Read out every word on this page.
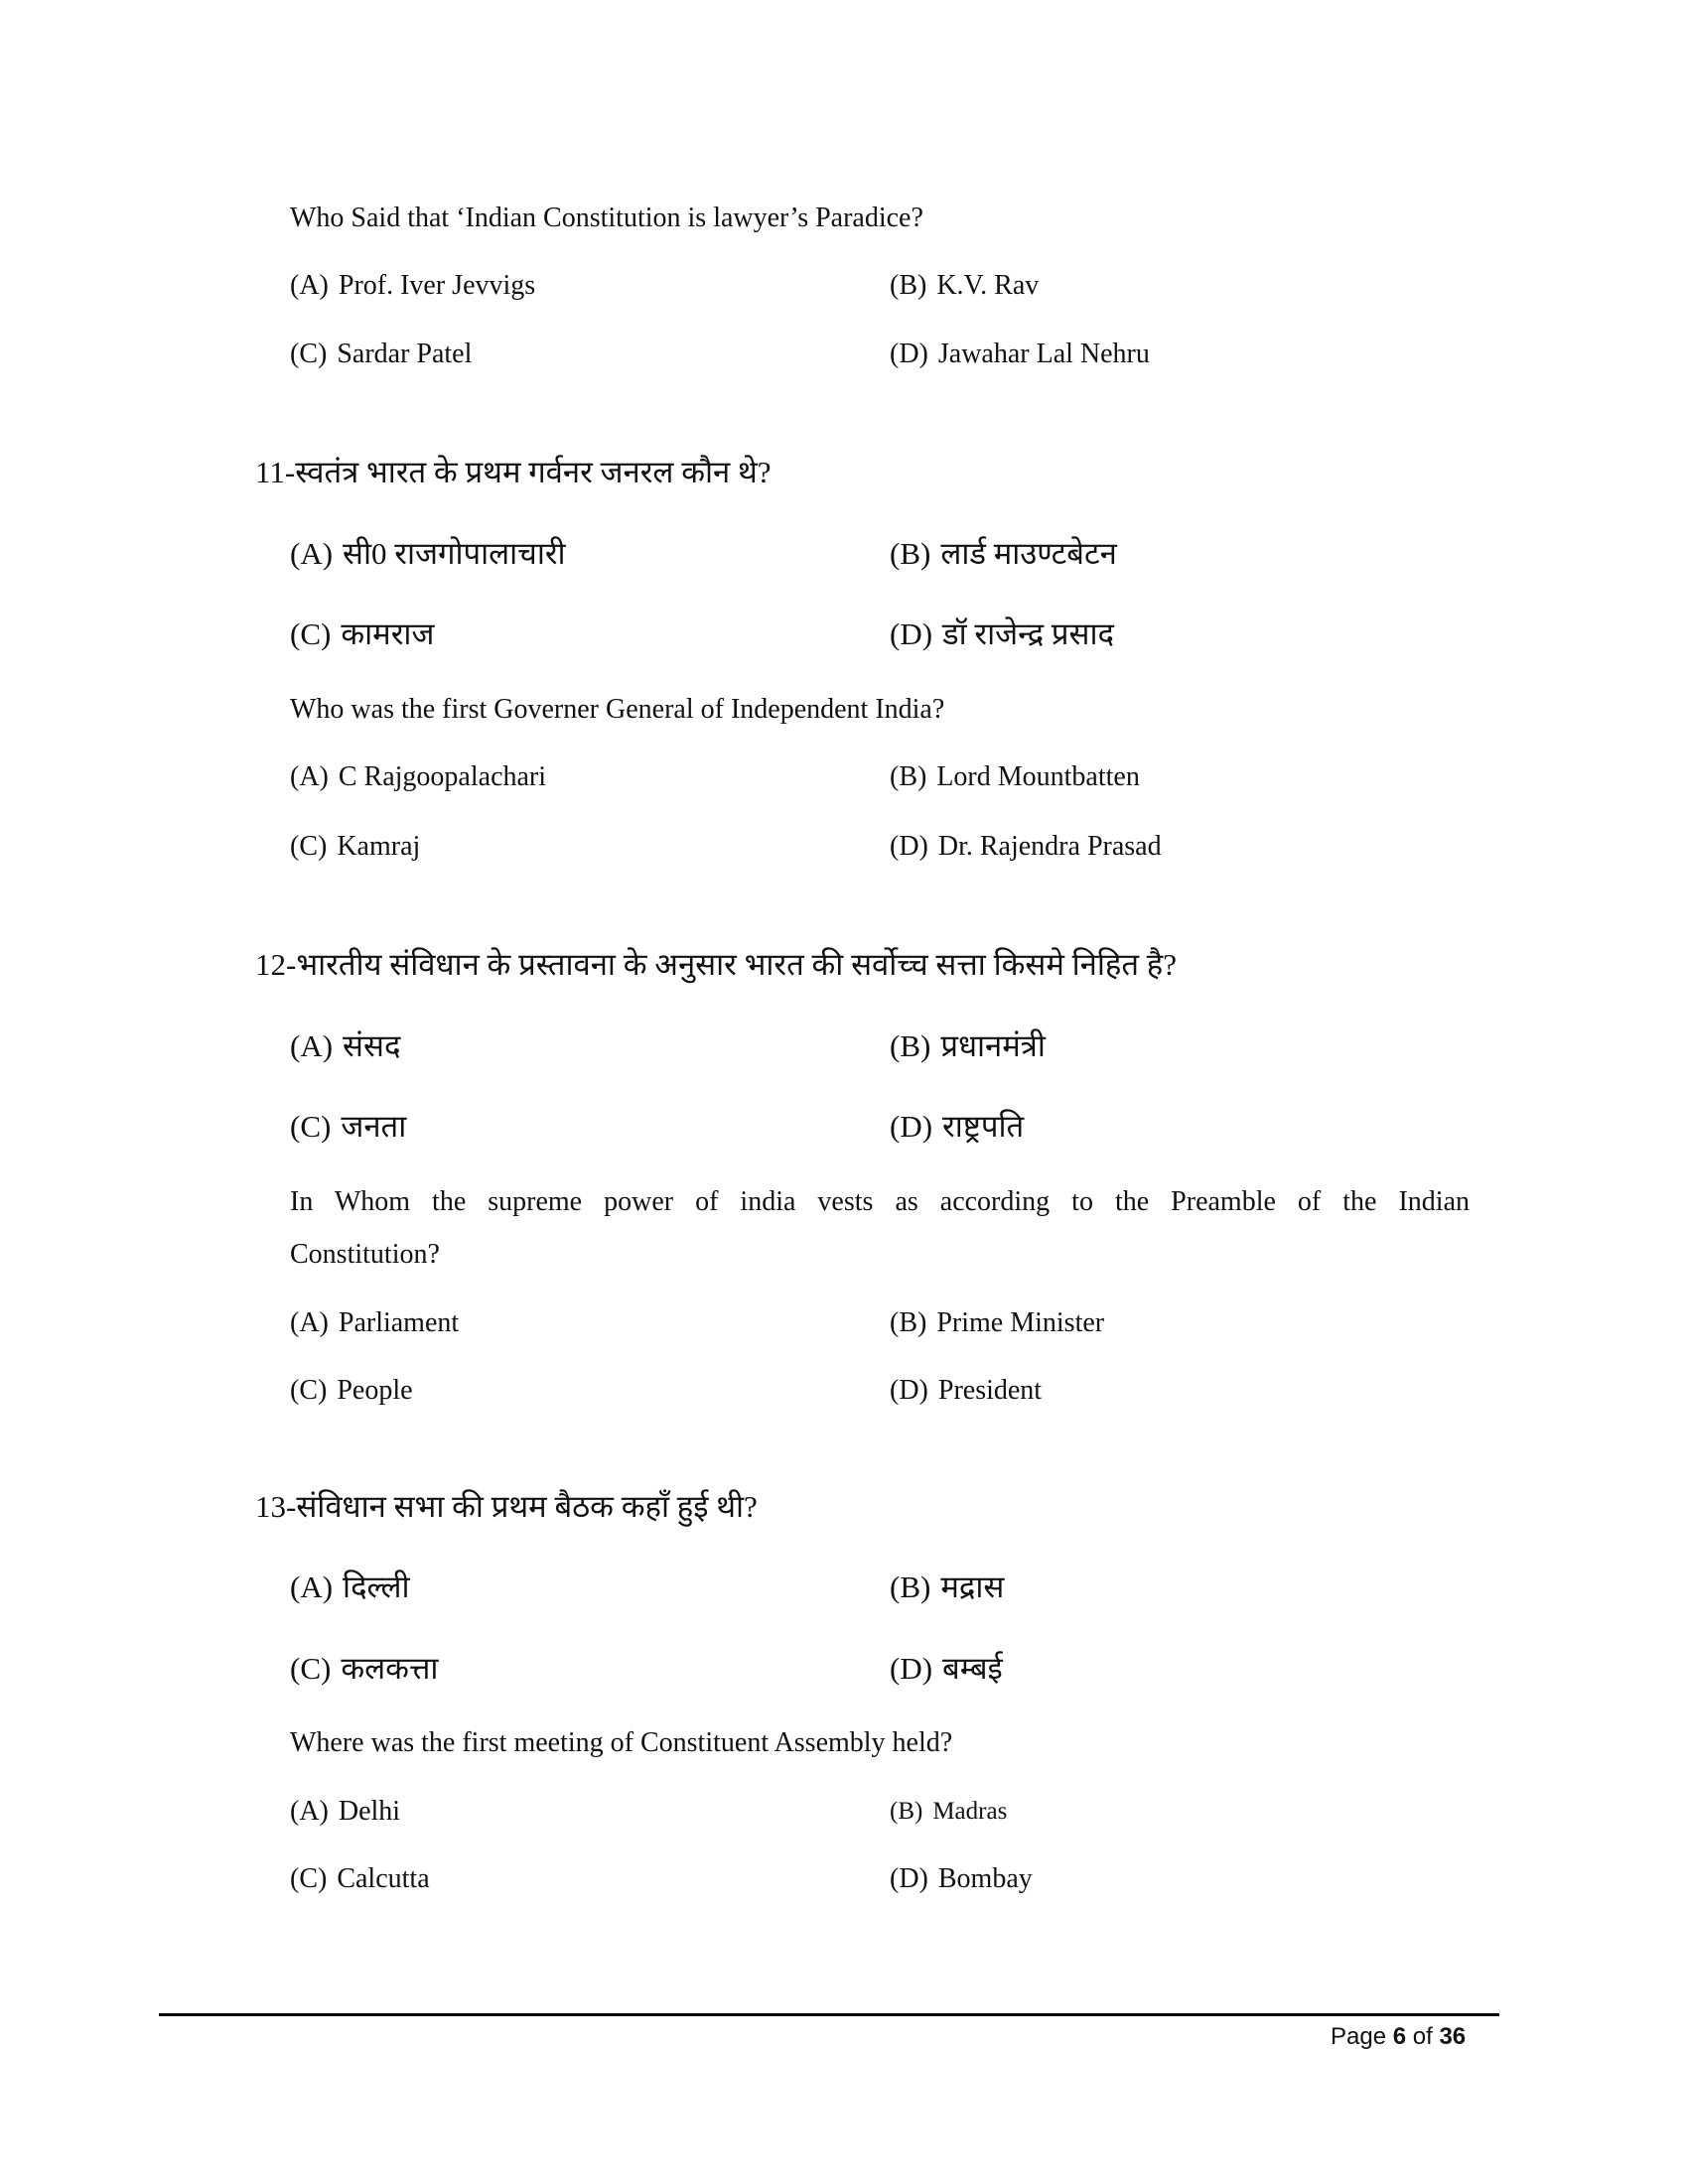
Who Said that ‘Indian Constitution is lawyer’s Paradice?
(A) Prof. Iver Jevvigs	(B) K.V. Rav
(C) Sardar Patel	(D) Jawahar Lal Nehru
11-स्वतंत्र भारत के प्रथम गर्वनर जनरल कौन थे?
(A) सी0 राजगोपालाचारी	(B) लार्ड माउण्टबेटन
(C) कामराज	(D) डॉ राजेन्द्र प्रसाद
Who was the first Governer General of Independent India?
(A) C Rajgoopalachari	(B) Lord Mountbatten
(C) Kamraj	(D) Dr. Rajendra Prasad
12-भारतीय संविधान के प्रस्तावना के अनुसार भारत की सर्वोच्च सत्ता किसमे निहित है?
(A) संसद	(B) प्रधानमंत्री
(C) जनता	(D) राष्ट्रपति
In Whom the supreme power of india vests as according to the Preamble of the Indian
Constitution?
(A) Parliament	(B) Prime Minister
(C) People	(D) President
13-संविधान सभा की प्रथम बैठक कहाँ हुई थी?
(A) दिल्ली	(B) मद्रास
(C) कलकत्ता	(D) बम्बई
Where was the first meeting of Constituent Assembly held?
(A) Delhi	(B) Madras
(C) Calcutta	(D) Bombay
Page 6 of 36
